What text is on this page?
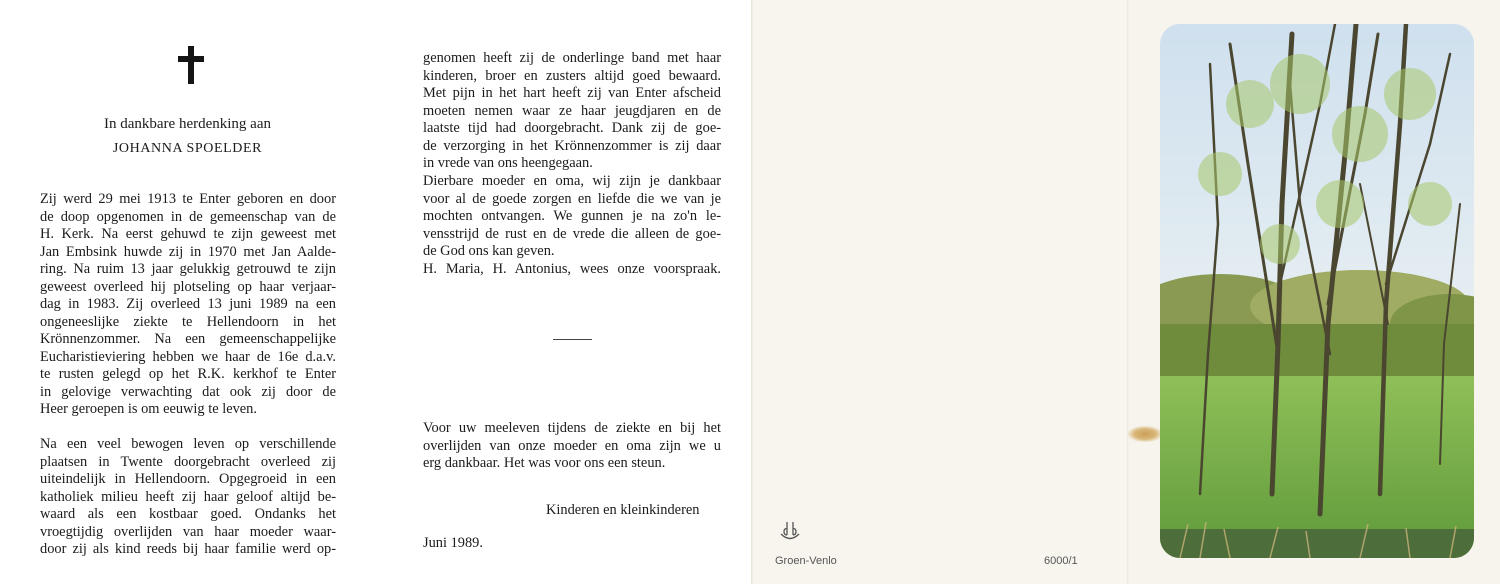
In dankbare herdenking aan
JOHANNA SPOELDER

Zij werd 29 mei 1913 te Enter geboren en door
de doop opgenomen in de gemeenschap van de
H. Kerk. Na eerst gehuwd te zijn geweest met
Jan Embsink huwde zij in 1970 met Jan Aalde-
ring. Na ruim 13 jaar gelukkig getrouwd te zijn
geweest overleed hij plotseling op haar verjaar-
dag in 1983. Zij overleed 13 juni 1989 na een
ongeneeslijke ziekte te Hellendoorn in het
Krönnenzommer. Na een gemeenschappelijke
Eucharistieviering hebben we haar de 16e d.a.v.
te rusten gelegd op het R.K. kerkhof te Enter
in gelovige verwachting dat ook zij door de
Heer geroepen is om eeuwig te leven.

Na een veel bewogen leven op verschillende
plaatsen in Twente doorgebracht overleed zij
uiteindelijk in Hellendoorn. Opgegroeid in een
katholiek milieu heeft zij haar geloof altijd be-
waard als een kostbaar goed. Ondanks het
vroegtijdig overlijden van haar moeder waar-
door zij als kind reeds bij haar familie werd op-

genomen heeft zij de onderlinge band met haar
kinderen, broer en zusters altijd goed bewaard.
Met pijn in het hart heeft zij van Enter afscheid
moeten nemen waar ze haar jeugdjaren en de
laatste tijd had doorgebracht. Dank zij de goe-
de verzorging in het Krönnenzommer is zij daar
in vrede van ons heengegaan.

Dierbare moeder en oma, wij zijn je dankbaar
voor al de goede zorgen en liefde die we van je
mochten ontvangen. We gunnen je na zo'n le-
vensstrijd de rust en de vrede die alleen de goe-
de God ons kan geven.
H. Maria, H. Antonius, wees onze voorspraak.

Voor uw meeleven tijdens de ziekte en bij het
overlijden van onze moeder en oma zijn we u
erg dankbaar. Het was voor ons een steun.

Kinderen en kleinkinderen
Juni 1989.
Groen-Venlo	6000/1
